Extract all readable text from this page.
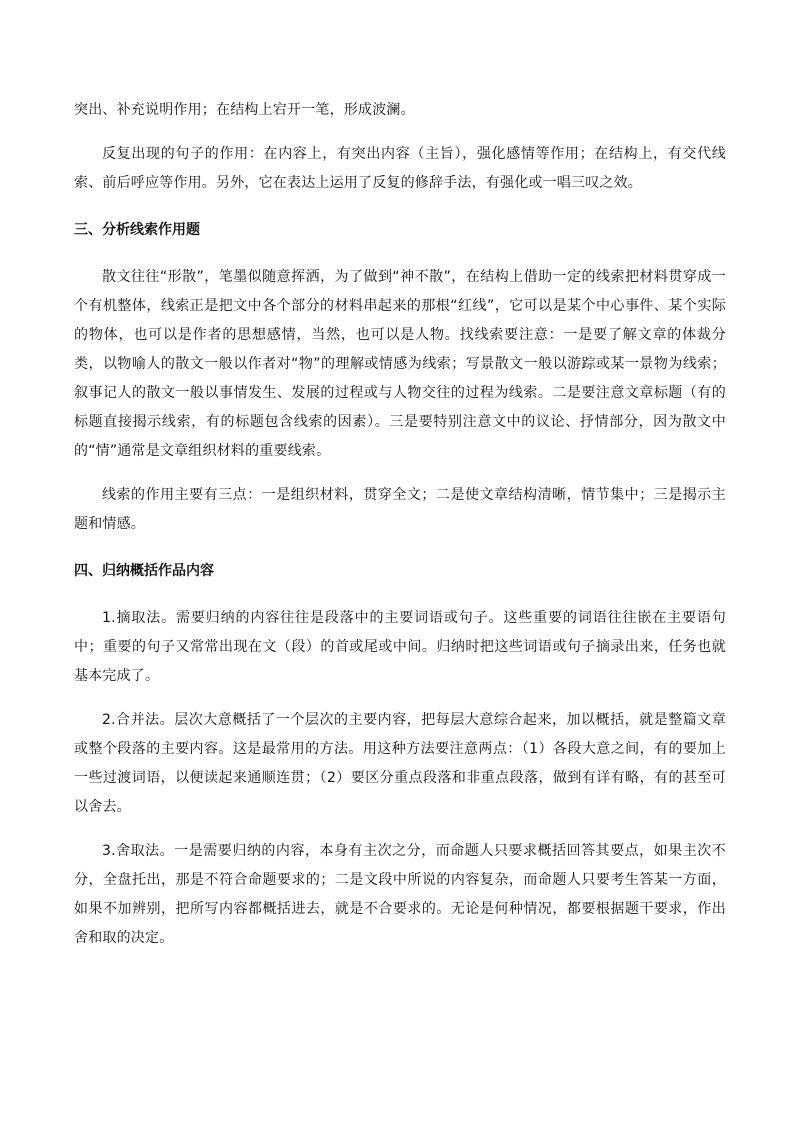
突出、补充说明作用；在结构上宕开一笔，形成波澜。

反复出现的句子的作用：在内容上，有突出内容（主旨），强化感情等作用；在结构上，有交代线索、前后呼应等作用。另外，它在表达上运用了反复的修辞手法，有强化或一唱三叹之效。

三、分析线索作用题

散文往往“形散”，笔墨似随意挥洒，为了做到“神不散”，在结构上借助一定的线索把材料贯穿成一个有机整体，线索正是把文中各个部分的材料串起来的那根“红线”，它可以是某个中心事件、某个实际的物体，也可以是作者的思想感情，当然，也可以是人物。找线索要注意：一是要了解文章的体裁分类，以物喻人的散文一般以作者对“物”的理解或情感为线索；写景散文一般以游踪或某一景物为线索；叙事记人的散文一般以事情发生、发展的过程或与人物交往的过程为线索。二是要注意文章标题（有的标题直接揭示线索，有的标题包含线索的因素）。三是要特别注意文中的议论、抒情部分，因为散文中的“情”通常是文章组织材料的重要线索。

线索的作用主要有三点：一是组织材料，贯穿全文；二是使文章结构清晰，情节集中；三是揭示主题和情感。

四、归纳概括作品内容

1.摘取法。需要归纳的内容往往是段落中的主要词语或句子。这些重要的词语往往嵌在主要语句中；重要的句子又常常出现在文（段）的首或尾或中间。归纳时把这些词语或句子摘录出来，任务也就基本完成了。

2.合并法。层次大意概括了一个层次的主要内容，把每层大意综合起来，加以概括，就是整篇文章或整个段落的主要内容。这是最常用的方法。用这种方法要注意两点：（1）各段大意之间，有的要加上一些过渡词语，以便读起来通顺连贯；（2）要区分重点段落和非重点段落，做到有详有略，有的甚至可以舍去。

3.舍取法。一是需要归纳的内容，本身有主次之分，而命题人只要求概括回答其要点，如果主次不分，全盘托出，那是不符合命题要求的；二是文段中所说的内容复杂，而命题人只要考生答某一方面，如果不加辨别，把所写内容都概括进去，就是不合要求的。无论是何种情况，都要根据题干要求，作出舍和取的决定。
